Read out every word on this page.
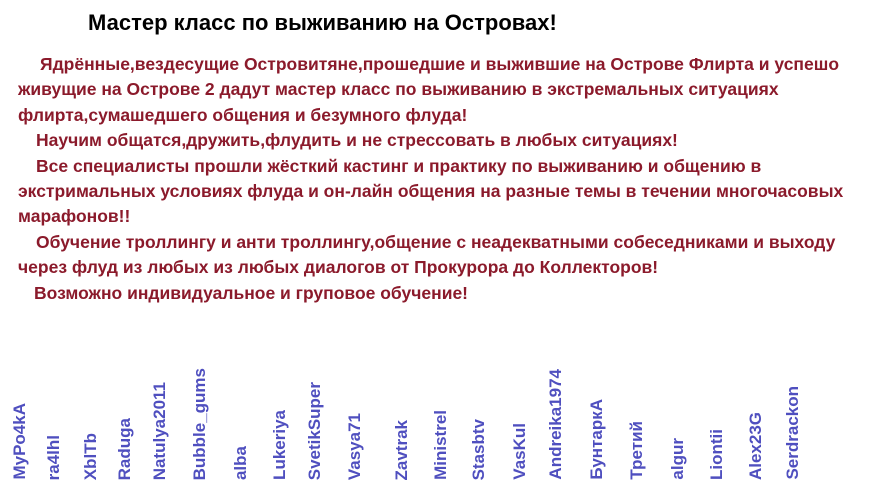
Мастер класс по выживанию на Островах!

Ядрённые,вездесущие Островитяне,прошедшие и выжившие на Острове Флирта и успешо живущие на Острове 2 дадут мастер класс по выживанию в экстремальных ситуациях флирта,сумашедшего общения и безумного флуда!

Научим общатся,дружить,флудить и не стрессовать в любых ситуациях!

Все специалисты прошли жёсткий кастинг и практику по выживанию и общению в экстримальных условиях флуда и он-лайн общения на разные темы в течении многочасовых марафонов!!

Обучение троллингу и анти троллингу,общение с неадекватными собеседниками и выходу через флуд из любых из любых диалогов от Прокурора до Коллекторов!

Возможно индивидуальное и груповое обучение!

MyPo4kA ra4lhl XblTb Raduga Natulya2011 Bubble_gums alba Lukeriya SvetikSuper Vasya71 Zavtrak Ministrel Stasbtv VasKul Andreika1974 БунтаркА Третий algur Liontii Alex23G Serdrackon
